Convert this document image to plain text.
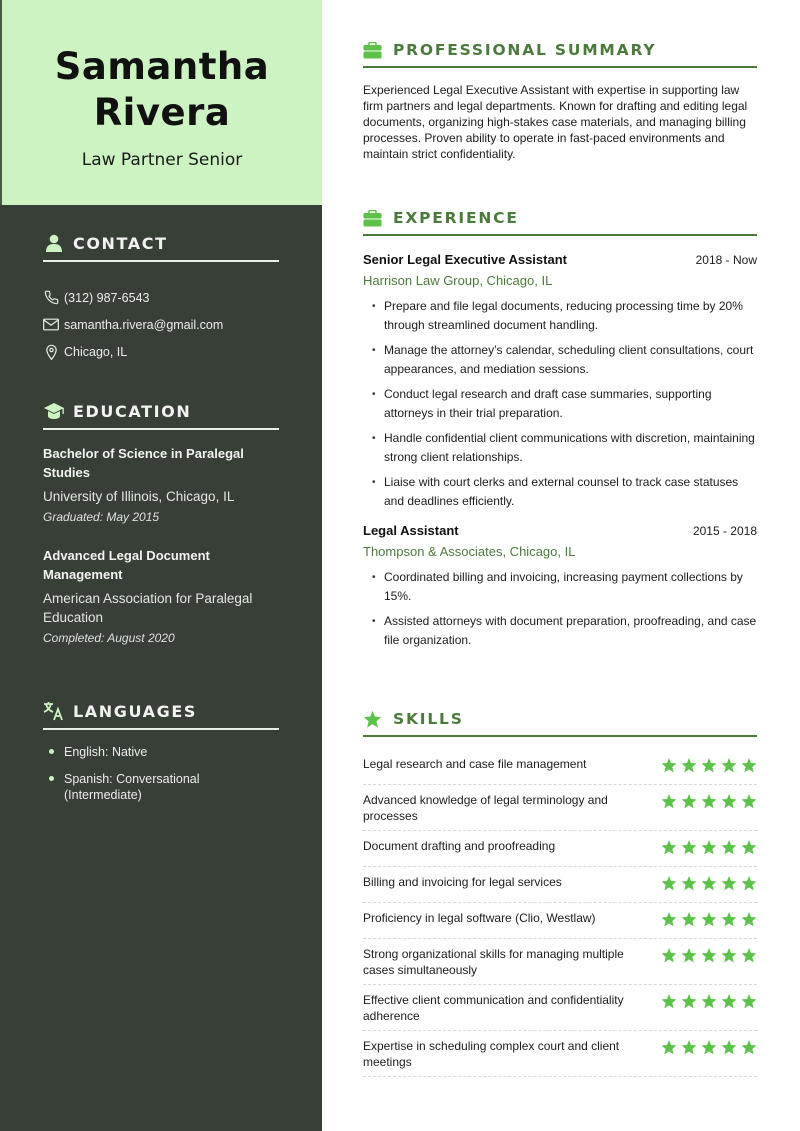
Samantha
Rivera
Law Partner Senior
CONTACT
(312) 987-6543
samantha.rivera@gmail.com
Chicago, IL
EDUCATION
Bachelor of Science in Paralegal Studies
University of Illinois, Chicago, IL
Graduated: May 2015
Advanced Legal Document Management
American Association for Paralegal Education
Completed: August 2020
LANGUAGES
English: Native
Spanish: Conversational (Intermediate)
PROFESSIONAL SUMMARY

Experienced Legal Executive Assistant with expertise in supporting law firm partners and legal departments. Known for drafting and editing legal documents, organizing high-stakes case materials, and managing billing processes. Proven ability to operate in fast-paced environments and maintain strict confidentiality.

EXPERIENCE
Senior Legal Executive Assistant	2018 - Now
Harrison Law Group, Chicago, IL
• Prepare and file legal documents, reducing processing time by 20% through streamlined document handling.
• Manage the attorney’s calendar, scheduling client consultations, court appearances, and mediation sessions.
• Conduct legal research and draft case summaries, supporting attorneys in their trial preparation.
• Handle confidential client communications with discretion, maintaining strong client relationships.
• Liaise with court clerks and external counsel to track case statuses and deadlines efficiently.
Legal Assistant	2015 - 2018
Thompson & Associates, Chicago, IL
• Coordinated billing and invoicing, increasing payment collections by 15%.
• Assisted attorneys with document preparation, proofreading, and case file organization.
SKILLS
Legal research and case file management
Advanced knowledge of legal terminology and processes
Document drafting and proofreading
Billing and invoicing for legal services
Proficiency in legal software (Clio, Westlaw)
Strong organizational skills for managing multiple cases simultaneously
Effective client communication and confidentiality adherence
Expertise in scheduling complex court and client meetings
